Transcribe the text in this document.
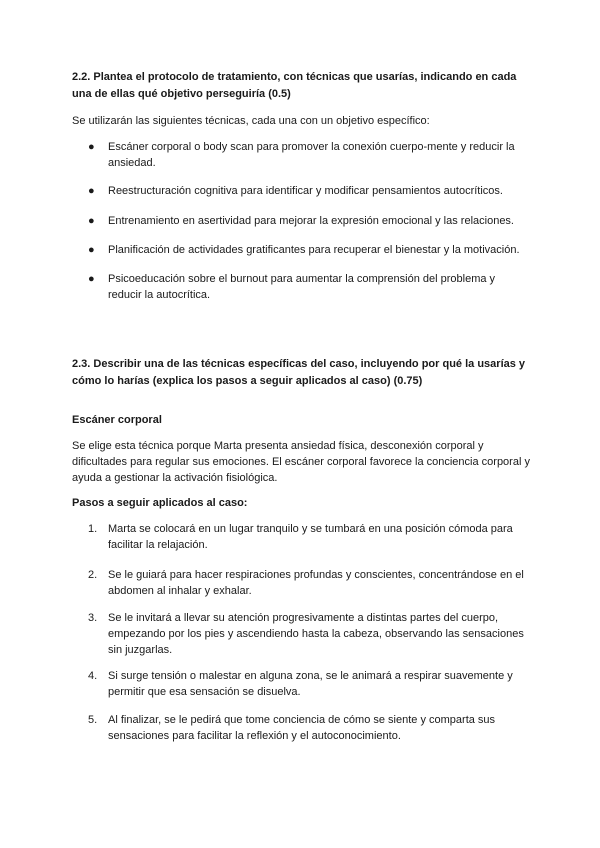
2.2. Plantea el protocolo de tratamiento, con técnicas que usarías, indicando en cada una de ellas qué objetivo perseguiría (0.5)

Se utilizarán las siguientes técnicas, cada una con un objetivo específico:

● Escáner corporal o body scan para promover la conexión cuerpo-mente y reducir la ansiedad.
● Reestructuración cognitiva para identificar y modificar pensamientos autocríticos.
● Entrenamiento en asertividad para mejorar la expresión emocional y las relaciones.
● Planificación de actividades gratificantes para recuperar el bienestar y la motivación.
● Psicoeducación sobre el burnout para aumentar la comprensión del problema y reducir la autocrítica.

2.3. Describir una de las técnicas específicas del caso, incluyendo por qué la usarías y cómo lo harías (explica los pasos a seguir aplicados al caso) (0.75)

Escáner corporal

Se elige esta técnica porque Marta presenta ansiedad física, desconexión corporal y dificultades para regular sus emociones. El escáner corporal favorece la conciencia corporal y ayuda a gestionar la activación fisiológica.

Pasos a seguir aplicados al caso:

1. Marta se colocará en un lugar tranquilo y se tumbará en una posición cómoda para facilitar la relajación.
2. Se le guiará para hacer respiraciones profundas y conscientes, concentrándose en el abdomen al inhalar y exhalar.
3. Se le invitará a llevar su atención progresivamente a distintas partes del cuerpo, empezando por los pies y ascendiendo hasta la cabeza, observando las sensaciones sin juzgarlas.
4. Si surge tensión o malestar en alguna zona, se le animará a respirar suavemente y permitir que esa sensación se disuelva.
5. Al finalizar, se le pedirá que tome conciencia de cómo se siente y comparta sus sensaciones para facilitar la reflexión y el autoconocimiento.
